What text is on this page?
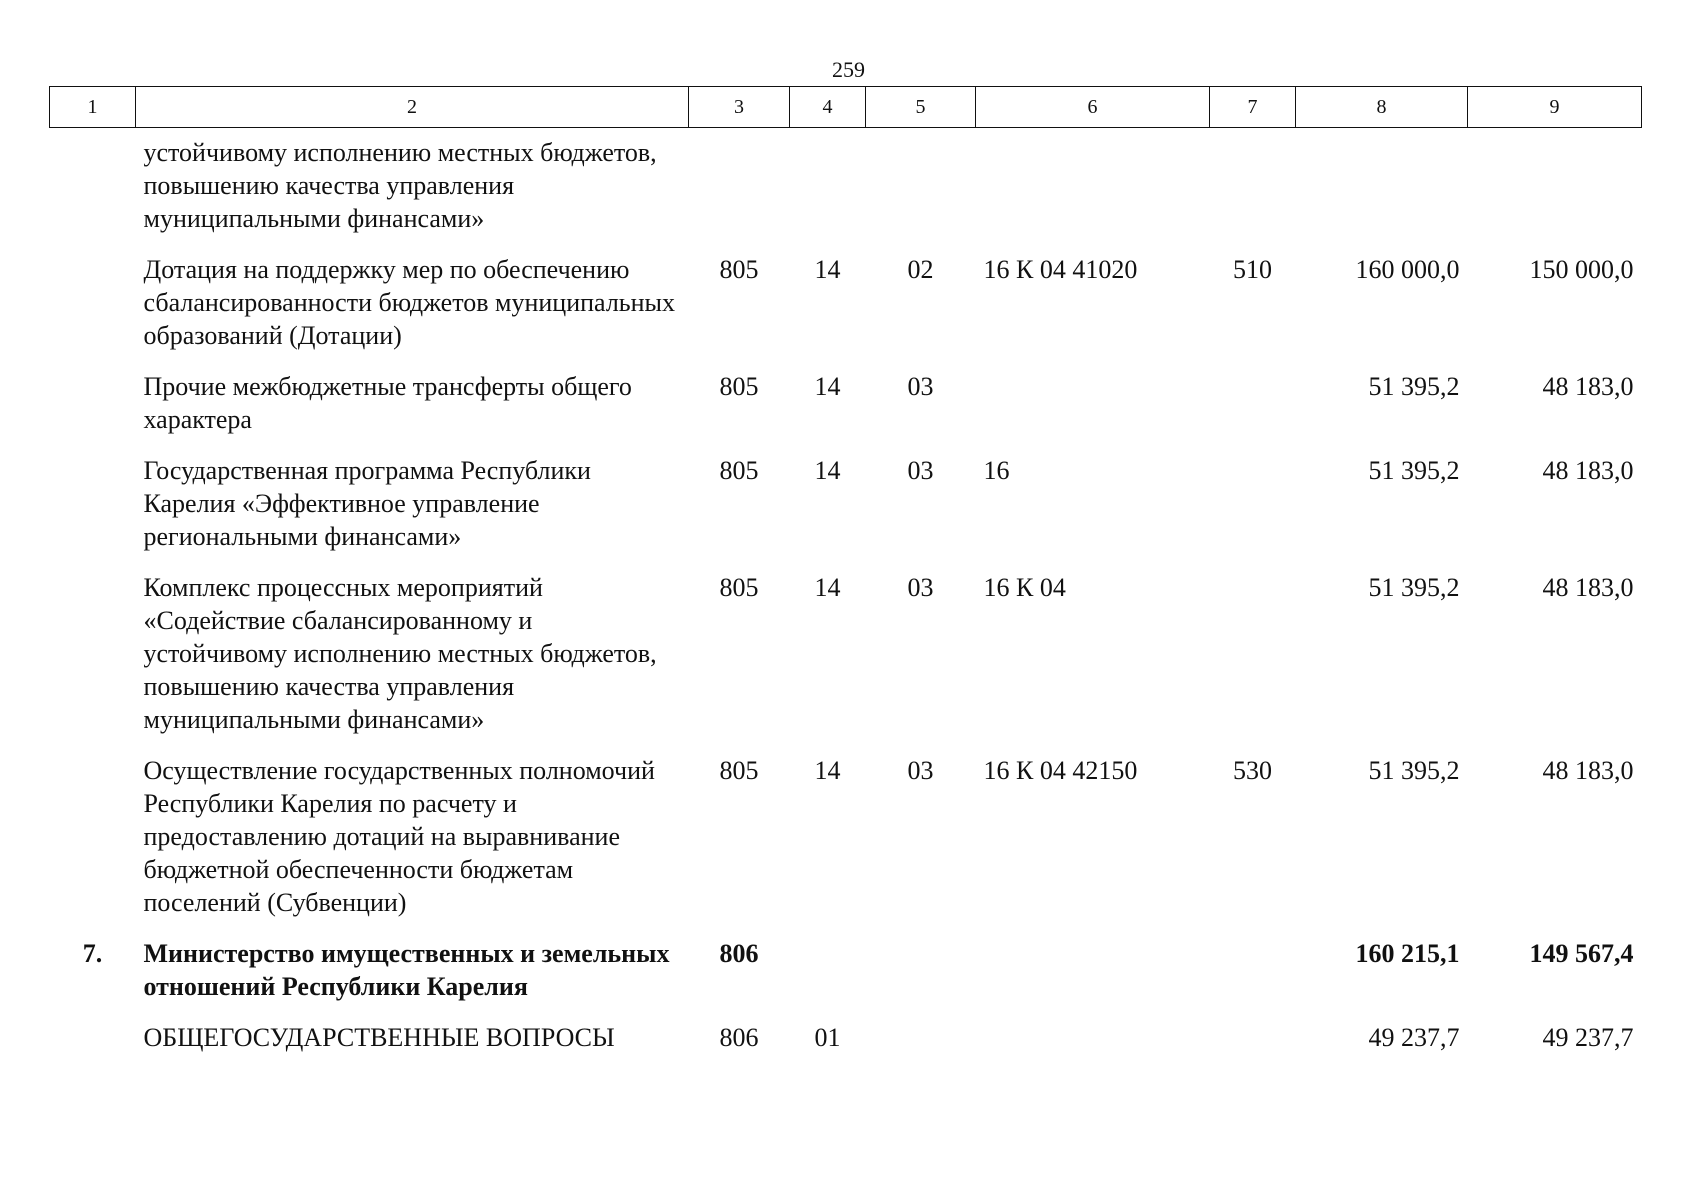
259
1	2	3	4	5	6	7	8	9
	устойчивому исполнению местных бюджетов, повышению качества управления муниципальными финансами»							
	Дотация на поддержку мер по обеспечению сбалансированности бюджетов муниципальных образований (Дотации)	805	14	02	16 К 04 41020	510	160 000,0	150 000,0
	Прочие межбюджетные трансферты общего характера	805	14	03			51 395,2	48 183,0
	Государственная программа Республики Карелия «Эффективное управление региональными финансами»	805	14	03	16		51 395,2	48 183,0
	Комплекс процессных мероприятий «Содействие сбалансированному и устойчивому исполнению местных бюджетов, повышению качества управления муниципальными финансами»	805	14	03	16 К 04		51 395,2	48 183,0
	Осуществление государственных полномочий Республики Карелия по расчету и предоставлению дотаций на выравнивание бюджетной обеспеченности бюджетам поселений (Субвенции)	805	14	03	16 К 04 42150	530	51 395,2	48 183,0
7.	Министерство имущественных и земельных отношений Республики Карелия	806					160 215,1	149 567,4
	ОБЩЕГОСУДАРСТВЕННЫЕ ВОПРОСЫ	806	01				49 237,7	49 237,7
